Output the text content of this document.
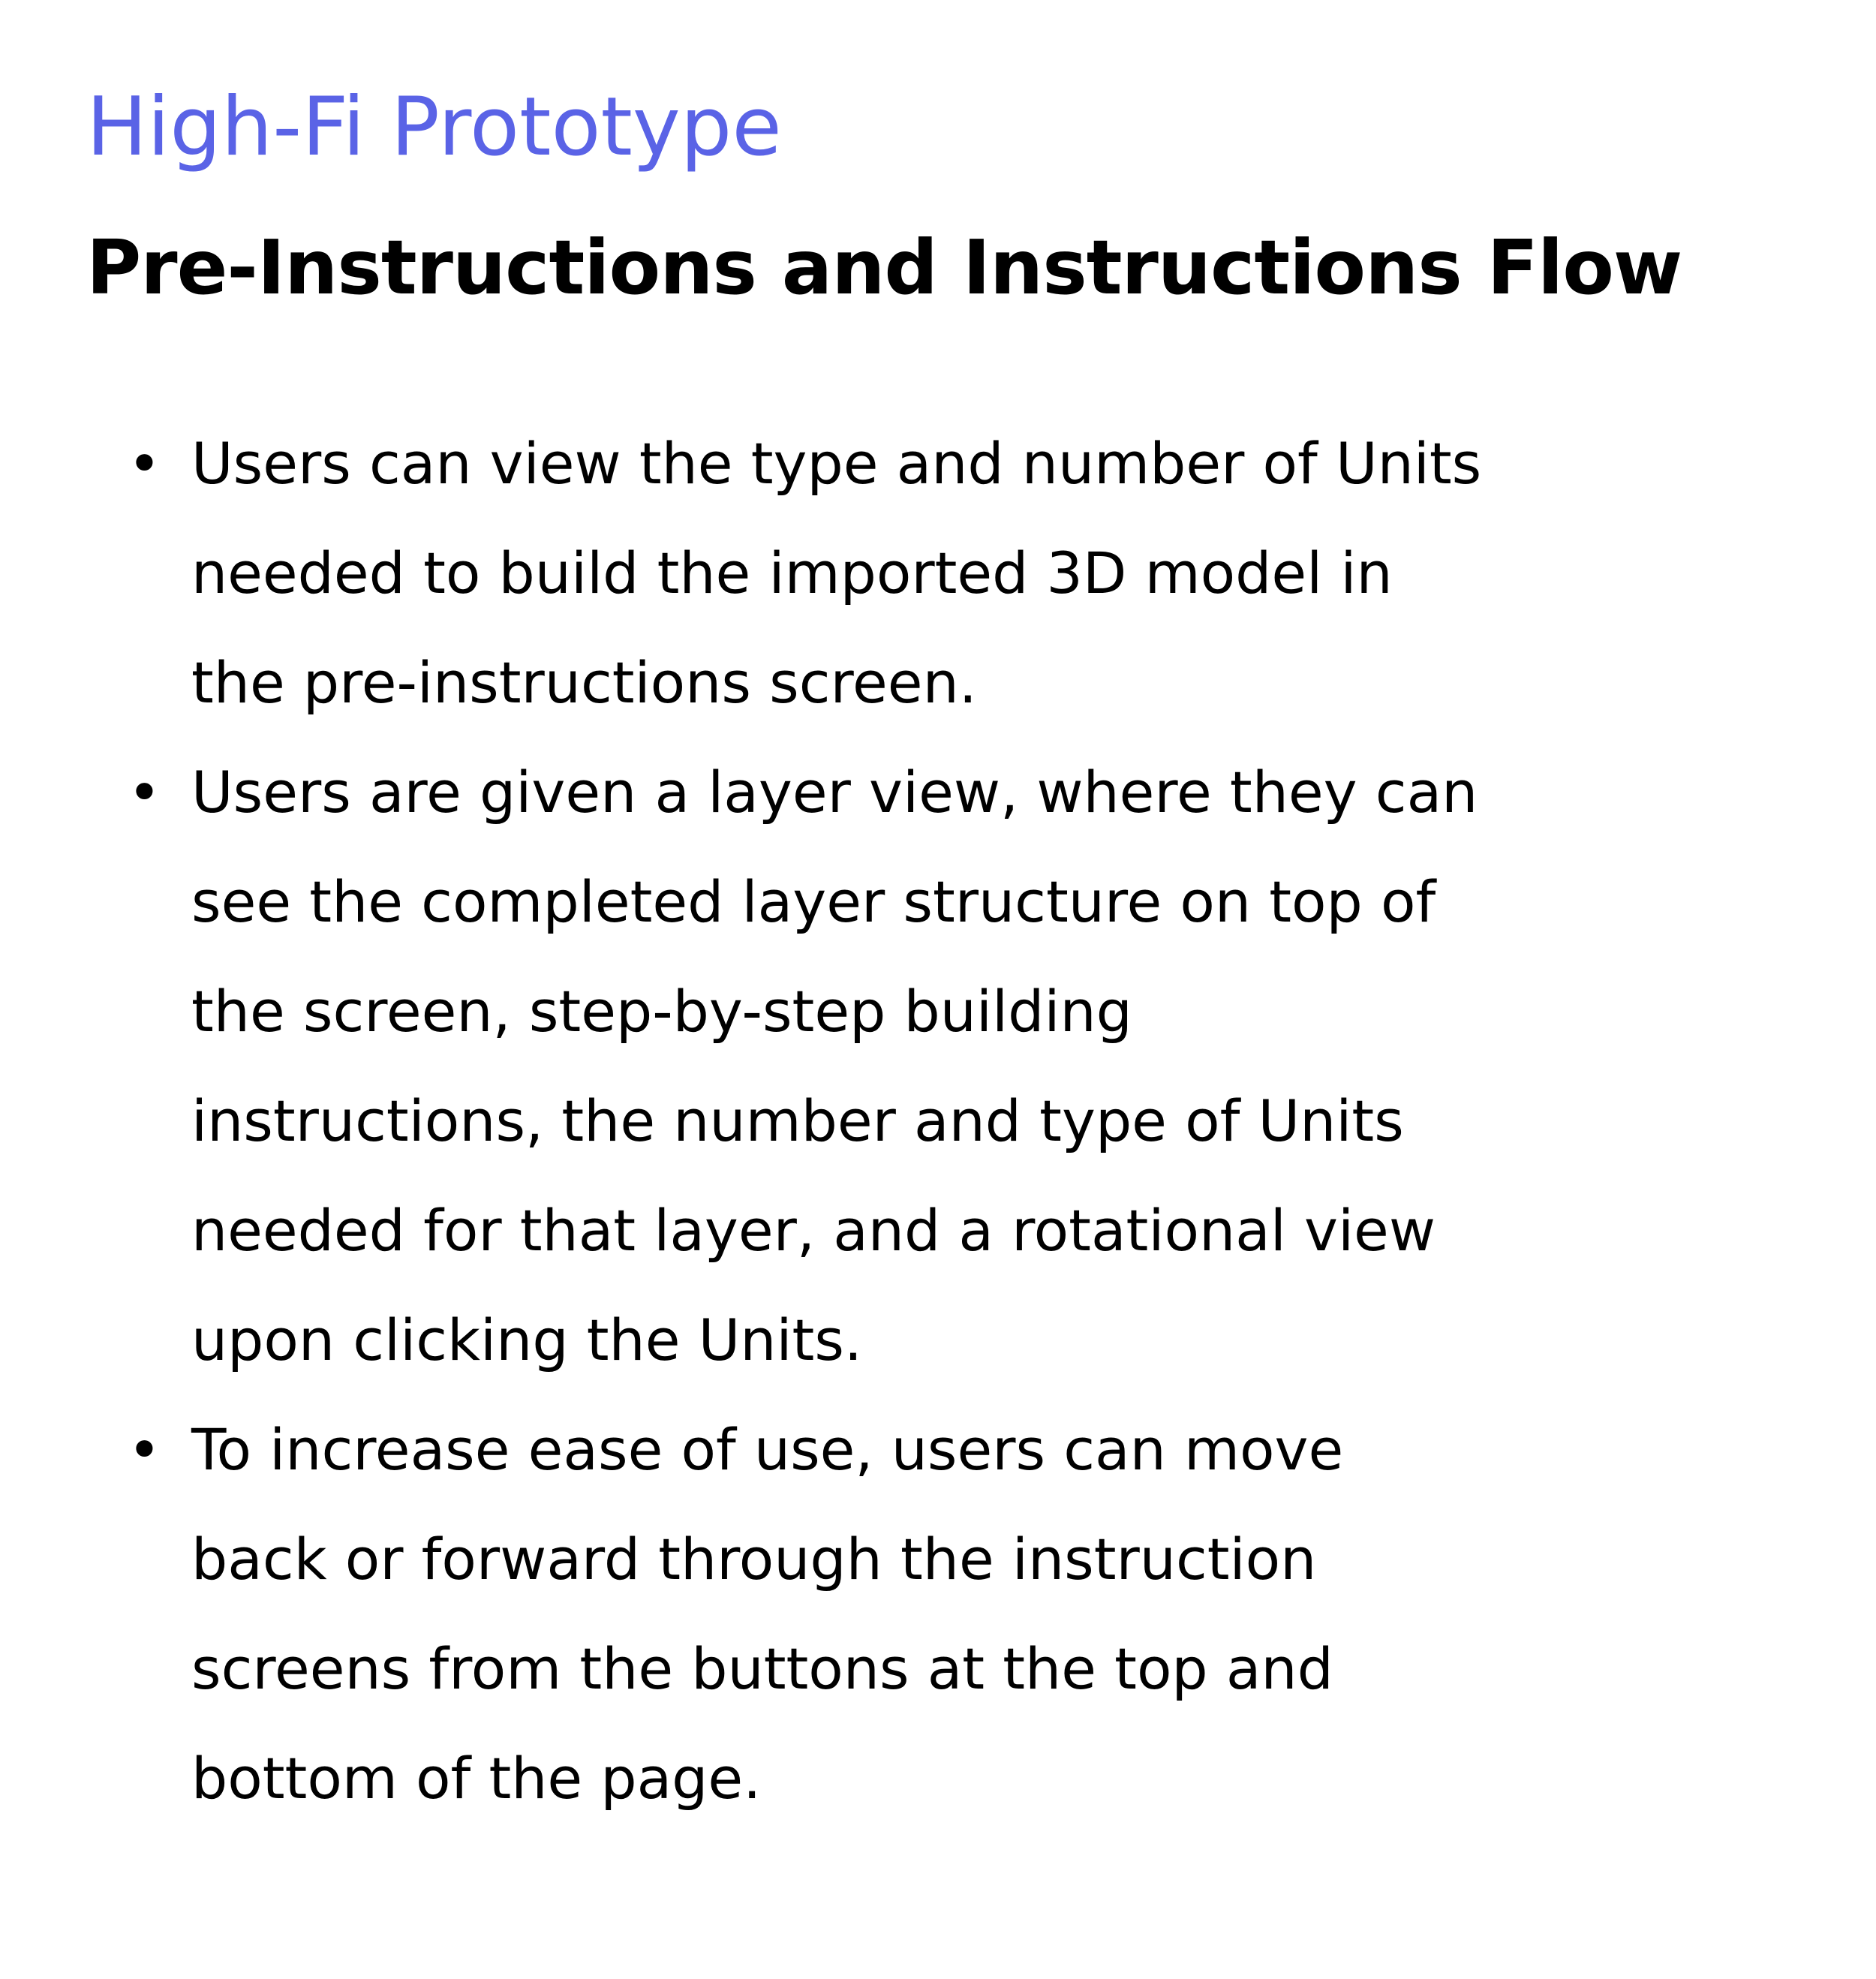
High-Fi Prototype
Pre-Instructions and Instructions Flow
• Users can view the type and number of Units
needed to build the imported 3D model in
the pre-instructions screen.
• Users are given a layer view, where they can
see the completed layer structure on top of
the screen, step-by-step building
instructions, the number and type of Units
needed for that layer, and a rotational view
upon clicking the Units.
• To increase ease of use, users can move
back or forward through the instruction
screens from the buttons at the top and
bottom of the page.
